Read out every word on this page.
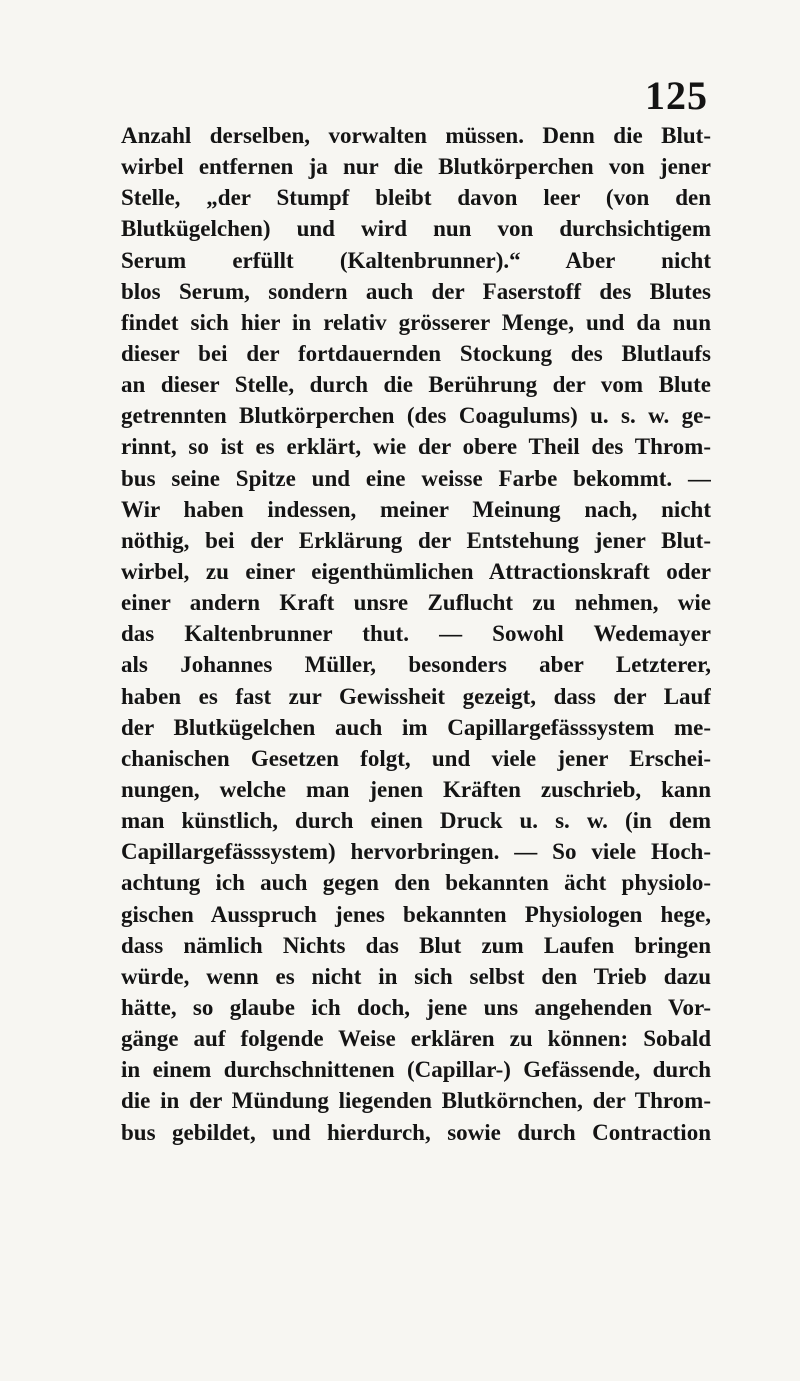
125
Anzahl derselben, vorwalten müssen. Denn die Blut-
wirbel entfernen ja nur die Blutkörperchen von jener
Stelle, „der Stumpf bleibt davon leer (von den
Blutkügelchen) und wird nun von durchsichtigem
Serum erfüllt (Kaltenbrunner).“ Aber nicht
blos Serum, sondern auch der Faserstoff des Blutes
findet sich hier in relativ grösserer Menge, und da nun
dieser bei der fortdauernden Stockung des Blutlaufs
an dieser Stelle, durch die Berührung der vom Blute
getrennten Blutkörperchen (des Coagulums) u. s. w. ge-
rinnt, so ist es erklärt, wie der obere Theil des Throm-
bus seine Spitze und eine weisse Farbe bekommt. —
Wir haben indessen, meiner Meinung nach, nicht
nöthig, bei der Erklärung der Entstehung jener Blut-
wirbel, zu einer eigenthümlichen Attractionskraft oder
einer andern Kraft unsre Zuflucht zu nehmen, wie
das Kaltenbrunner thut. — Sowohl Wedemayer
als Johannes Müller, besonders aber Letzterer,
haben es fast zur Gewissheit gezeigt, dass der Lauf
der Blutkügelchen auch im Capillargefässsystem me-
chanischen Gesetzen folgt, und viele jener Erschei-
nungen, welche man jenen Kräften zuschrieb, kann
man künstlich, durch einen Druck u. s. w. (in dem
Capillargefässsystem) hervorbringen. — So viele Hoch-
achtung ich auch gegen den bekannten ächt physiolo-
gischen Ausspruch jenes bekannten Physiologen hege,
dass nämlich Nichts das Blut zum Laufen bringen
würde, wenn es nicht in sich selbst den Trieb dazu
hätte, so glaube ich doch, jene uns angehenden Vor-
gänge auf folgende Weise erklären zu können: Sobald
in einem durchschnittenen (Capillar-) Gefässende, durch
die in der Mündung liegenden Blutkörnchen, der Throm-
bus gebildet, und hierdurch, sowie durch Contraction
